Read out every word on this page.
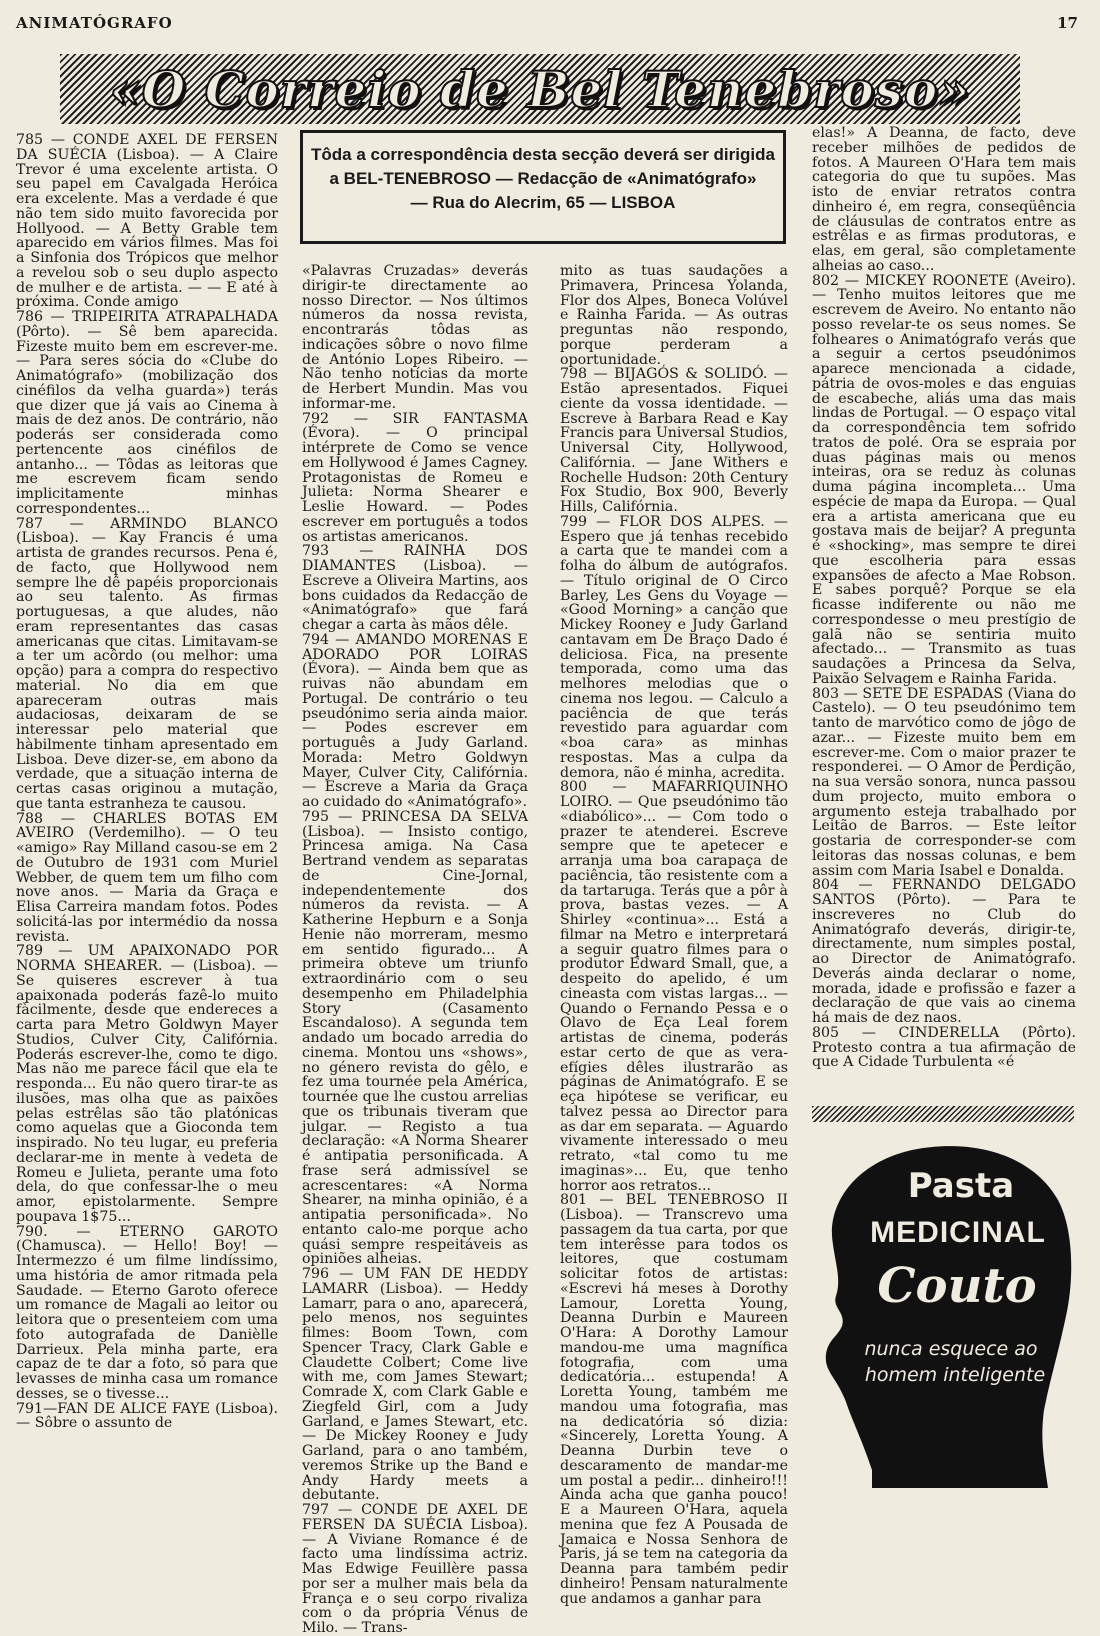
ANIMATÓGRAFO	17
«O Correio de Bel Tenebroso»
Tôda a correspondência desta secção deverá ser dirigida
a BEL-TENEBROSO — Redacção de «Animatógrafo»
— Rua do Alecrim, 65 — LISBOA

785 — CONDE AXEL DE FERSEN DA SUÉCIA (Lisboa). — A Claire Trevor é uma excelente artista. O seu papel em Cavalgada Heróica era excelente. Mas a verdade é que não tem sido muito favorecida por Hollyood. — A Betty Grable tem aparecido em vários filmes. Mas foi a Sinfonia dos Trópicos que melhor a revelou sob o seu duplo aspecto de mulher e de artista. — — E até à próxima. Conde amigo

786 — TRIPEIRITA ATRAPALHADA (Pôrto). — Sê bem aparecida. Fizeste muito bem em escrever-me. — Para seres sócia do «Clube do Animatógrafo» (mobilização dos cinéfilos da velha guarda») terás que dizer que já vais ao Cinema à mais de dez anos. De contrário, não poderás ser considerada como pertencente aos cinéfilos de antanho... — Tôdas as leitoras que me escrevem ficam sendo implicitamente minhas correspondentes...

787 — ARMINDO BLANCO (Lisboa). — Kay Francis é uma artista de grandes recursos. Pena é, de facto, que Hollywood nem sempre lhe dê papéis proporcionais ao seu talento. As firmas portuguesas, a que aludes, não eram representantes das casas americanas que citas. Limitavam-se a ter um acôrdo (ou melhor: uma opção) para a compra do respectivo material. No dia em que apareceram outras mais audaciosas, deixaram de se interessar pelo material que hàbilmente tinham apresentado em Lisboa. Deve dizer-se, em abono da verdade, que a situação interna de certas casas originou a mutação, que tanta estranheza te causou.

788 — CHARLES BOTAS EM AVEIRO (Verdemilho). — O teu «amigo» Ray Milland casou-se em 2 de Outubro de 1931 com Muriel Webber, de quem tem um filho com nove anos. — Maria da Graça e Elisa Carreira mandam fotos. Podes solicitá-las por intermédio da nossa revista.

789 — UM APAIXONADO POR NORMA SHEARER. — (Lisboa). — Se quiseres escrever à tua apaixonada poderás fazê-lo muito fàcilmente, desde que endereces a carta para Metro Goldwyn Mayer Studios, Culver City, Califórnia. Poderás escrever-lhe, como te digo. Mas não me parece fácil que ela te responda... Eu não quero tirar-te as ilusões, mas olha que as paixões pelas estrêlas são tão platónicas como aquelas que a Gioconda tem inspirado. No teu lugar, eu preferia declarar-me in mente à vedeta de Romeu e Julieta, perante uma foto dela, do que confessar-lhe o meu amor, epistolarmente. Sempre poupava 1$75...

790. — ETERNO GAROTO (Chamusca). — Hello! Boy! — Intermezzo é um filme lindíssimo, uma história de amor ritmada pela Saudade. — Eterno Garoto oferece um romance de Magali ao leitor ou leitora que o presenteiem com uma foto autografada de Danièlle Darrieux. Pela minha parte, era capaz de te dar a foto, só para que levasses de minha casa um romance desses, se o tivesse...

791—FAN DE ALICE FAYE (Lisboa). — Sôbre o assunto de

«Palavras Cruzadas» deverás dirigir-te directamente ao nosso Director. — Nos últimos números da nossa revista, encontrarás tôdas as indicações sôbre o novo filme de António Lopes Ribeiro. — Não tenho notícias da morte de Herbert Mundin. Mas vou informar-me.

792 — SIR FANTASMA (Évora). — O principal intérprete de Como se vence em Hollywood é James Cagney. Protagonistas de Romeu e Julieta: Norma Shearer e Leslie Howard. — Podes escrever em português a todos os artistas americanos.

793 — RAINHA DOS DIAMANTES (Lisboa). — Escreve a Oliveira Martins, aos bons cuidados da Redacção de «Animatógrafo» que fará chegar a carta às mãos dêle.

794 — AMANDO MORENAS E ADORADO POR LOIRAS (Évora). — Ainda bem que as ruivas não abundam em Portugal. De contrário o teu pseudónimo seria ainda maior. — Podes escrever em português a Judy Garland. Morada: Metro Goldwyn Mayer, Culver City, Califórnia. — Escreve a Maria da Graça ao cuidado do «Animatógrafo».

795 — PRINCESA DA SELVA (Lisboa). — Insisto contigo, Princesa amiga. Na Casa Bertrand vendem as separatas de Cine-Jornal, independentemente dos números da revista. — A Katherine Hepburn e a Sonja Henie não morreram, mesmo em sentido figurado... A primeira obteve um triunfo extraordinário com o seu desempenho em Philadelphia Story (Casamento Escandaloso). A segunda tem andado um bocado arredia do cinema. Montou uns «shows», no género revista do gêlo, e fez uma tournée pela América, tournée que lhe custou arrelias que os tribunais tiveram que julgar. — Registo a tua declaração: «A Norma Shearer é antipatia personificada. A frase será admissível se acrescentares: «A Norma Shearer, na minha opinião, é a antipatia personificada». No entanto calo-me porque acho quási sempre respeitáveis as opiniões alheias.

796 — UM FAN DE HEDDY LAMARR (Lisboa). — Heddy Lamarr, para o ano, aparecerá, pelo menos, nos seguintes filmes: Boom Town, com Spencer Tracy, Clark Gable e Claudette Colbert; Come live with me, com James Stewart; Comrade X, com Clark Gable e Ziegfeld Girl, com a Judy Garland, e James Stewart, etc. — De Mickey Rooney e Judy Garland, para o ano também, veremos Strike up the Band e Andy Hardy meets a debutante.

797 — CONDE DE AXEL DE FERSEN DA SUÉCIA Lisboa). — A Viviane Romance é de facto uma lindíssima actriz. Mas Edwige Feuillère passa por ser a mulher mais bela da França e o seu corpo rivaliza com o da própria Vénus de Milo. — Trans-

mito as tuas saudações a Primavera, Princesa Yolanda, Flor dos Alpes, Boneca Volúvel e Rainha Farida. — As outras preguntas não respondo, porque perderam a oportunidade.

798 — BIJAGÓS & SOLIDÓ. — Estão apresentados. Fiquei ciente da vossa identidade. — Escreve à Barbara Read e Kay Francis para Universal Studios, Universal City, Hollywood, Califórnia. — Jane Withers e Rochelle Hudson: 20th Century Fox Studio, Box 900, Beverly Hills, Califórnia.

799 — FLOR DOS ALPES. — Espero que já tenhas recebido a carta que te mandei com a folha do álbum de autógrafos. — Título original de O Circo Barley, Les Gens du Voyage — «Good Morning» a canção que Mickey Rooney e Judy Garland cantavam em De Braço Dado é deliciosa. Fica, na presente temporada, como uma das melhores melodias que o cinema nos legou. — Calculo a paciência de que terás revestido para aguardar com «boa cara» as minhas respostas. Mas a culpa da demora, não é minha, acredita.

800 — MAFARRIQUINHO LOIRO. — Que pseudónimo tão «diabólico»... — Com todo o prazer te atenderei. Escreve sempre que te apetecer e arranja uma boa carapaça de paciência, tão resistente com a da tartaruga. Terás que a pôr à prova, bastas vezes. — A Shirley «continua»... Está a filmar na Metro e interpretará a seguir quatro filmes para o produtor Edward Small, que, a despeito do apelido, é um cineasta com vistas largas... — Quando o Fernando Pessa e o Olavo de Eça Leal forem artistas de cinema, poderás estar certo de que as vera-efígies dêles ilustrarão as páginas de Animatógrafo. E se eça hipótese se verificar, eu talvez pessa ao Director para as dar em separata. — Aguardo vivamente interessado o meu retrato, «tal como tu me imaginas»... Eu, que tenho horror aos retratos...

801 — BEL TENEBROSO II (Lisboa). — Transcrevo uma passagem da tua carta, por que tem interêsse para todos os leitores, que costumam solicitar fotos de artistas: «Escrevi há meses à Dorothy Lamour, Loretta Young, Deanna Durbin e Maureen O'Hara: A Dorothy Lamour mandou-me uma magnífica fotografia, com uma dedicatória... estupenda! A Loretta Young, também me mandou uma fotografia, mas na dedicatória só dizia: «Sincerely, Loretta Young. A Deanna Durbin teve o descaramento de mandar-me um postal a pedir... dinheiro!!! Ainda acha que ganha pouco! E a Maureen O'Hara, aquela menina que fez A Pousada de Jamaica e Nossa Senhora de Paris, já se tem na categoria da Deanna para também pedir dinheiro! Pensam naturalmente que andamos a ganhar para

elas!» A Deanna, de facto, deve receber milhões de pedidos de fotos. A Maureen O'Hara tem mais categoria do que tu supões. Mas isto de enviar retratos contra dinheiro é, em regra, conseqüência de cláusulas de contratos entre as estrêlas e as firmas produtoras, e elas, em geral, são completamente alheias ao caso...

802 — MICKEY ROONETE (Aveiro). — Tenho muitos leitores que me escrevem de Aveiro. No entanto não posso revelar-te os seus nomes. Se folheares o Animatógrafo verás que a seguir a certos pseudónimos aparece mencionada a cidade, pátria de ovos-moles e das enguias de escabeche, aliás uma das mais lindas de Portugal. — O espaço vital da correspondência tem sofrido tratos de polé. Ora se espraia por duas páginas mais ou menos inteiras, ora se reduz às colunas duma página incompleta... Uma espécie de mapa da Europa. — Qual era a artista americana que eu gostava mais de beijar? A pregunta é «shocking», mas sempre te direi que escolheria para essas expansões de afecto a Mae Robson. E sabes porquê? Porque se ela ficasse indiferente ou não me correspondesse o meu prestígio de galã não se sentiria muito afectado... — Transmito as tuas saudações a Princesa da Selva, Paixão Selvagem e Rainha Farida.

803 — SETE DE ESPADAS (Viana do Castelo). — O teu pseudónimo tem tanto de marvótico como de jôgo de azar... — Fizeste muito bem em escrever-me. Com o maior prazer te responderei. — O Amor de Perdição, na sua versão sonora, nunca passou dum projecto, muito embora o argumento esteja trabalhado por Leitão de Barros. — Este leitor gostaria de corresponder-se com leitoras das nossas colunas, e bem assim com Maria Isabel e Donalda.

804 — FERNANDO DELGADO SANTOS (Pôrto). — Para te inscreveres no Club do Animatógrafo deverás, dirigir-te, directamente, num simples postal, ao Director de Animatógrafo. Deverás ainda declarar o nome, morada, idade e profissão e fazer a declaração de que vais ao cinema há mais de dez naos.

805 — CINDERELLA (Pôrto). Protesto contra a tua afirmação de que A Cidade Turbulenta «é

Pasta
MEDICINAL
Couto
nunca esquece ao
homem inteligente
